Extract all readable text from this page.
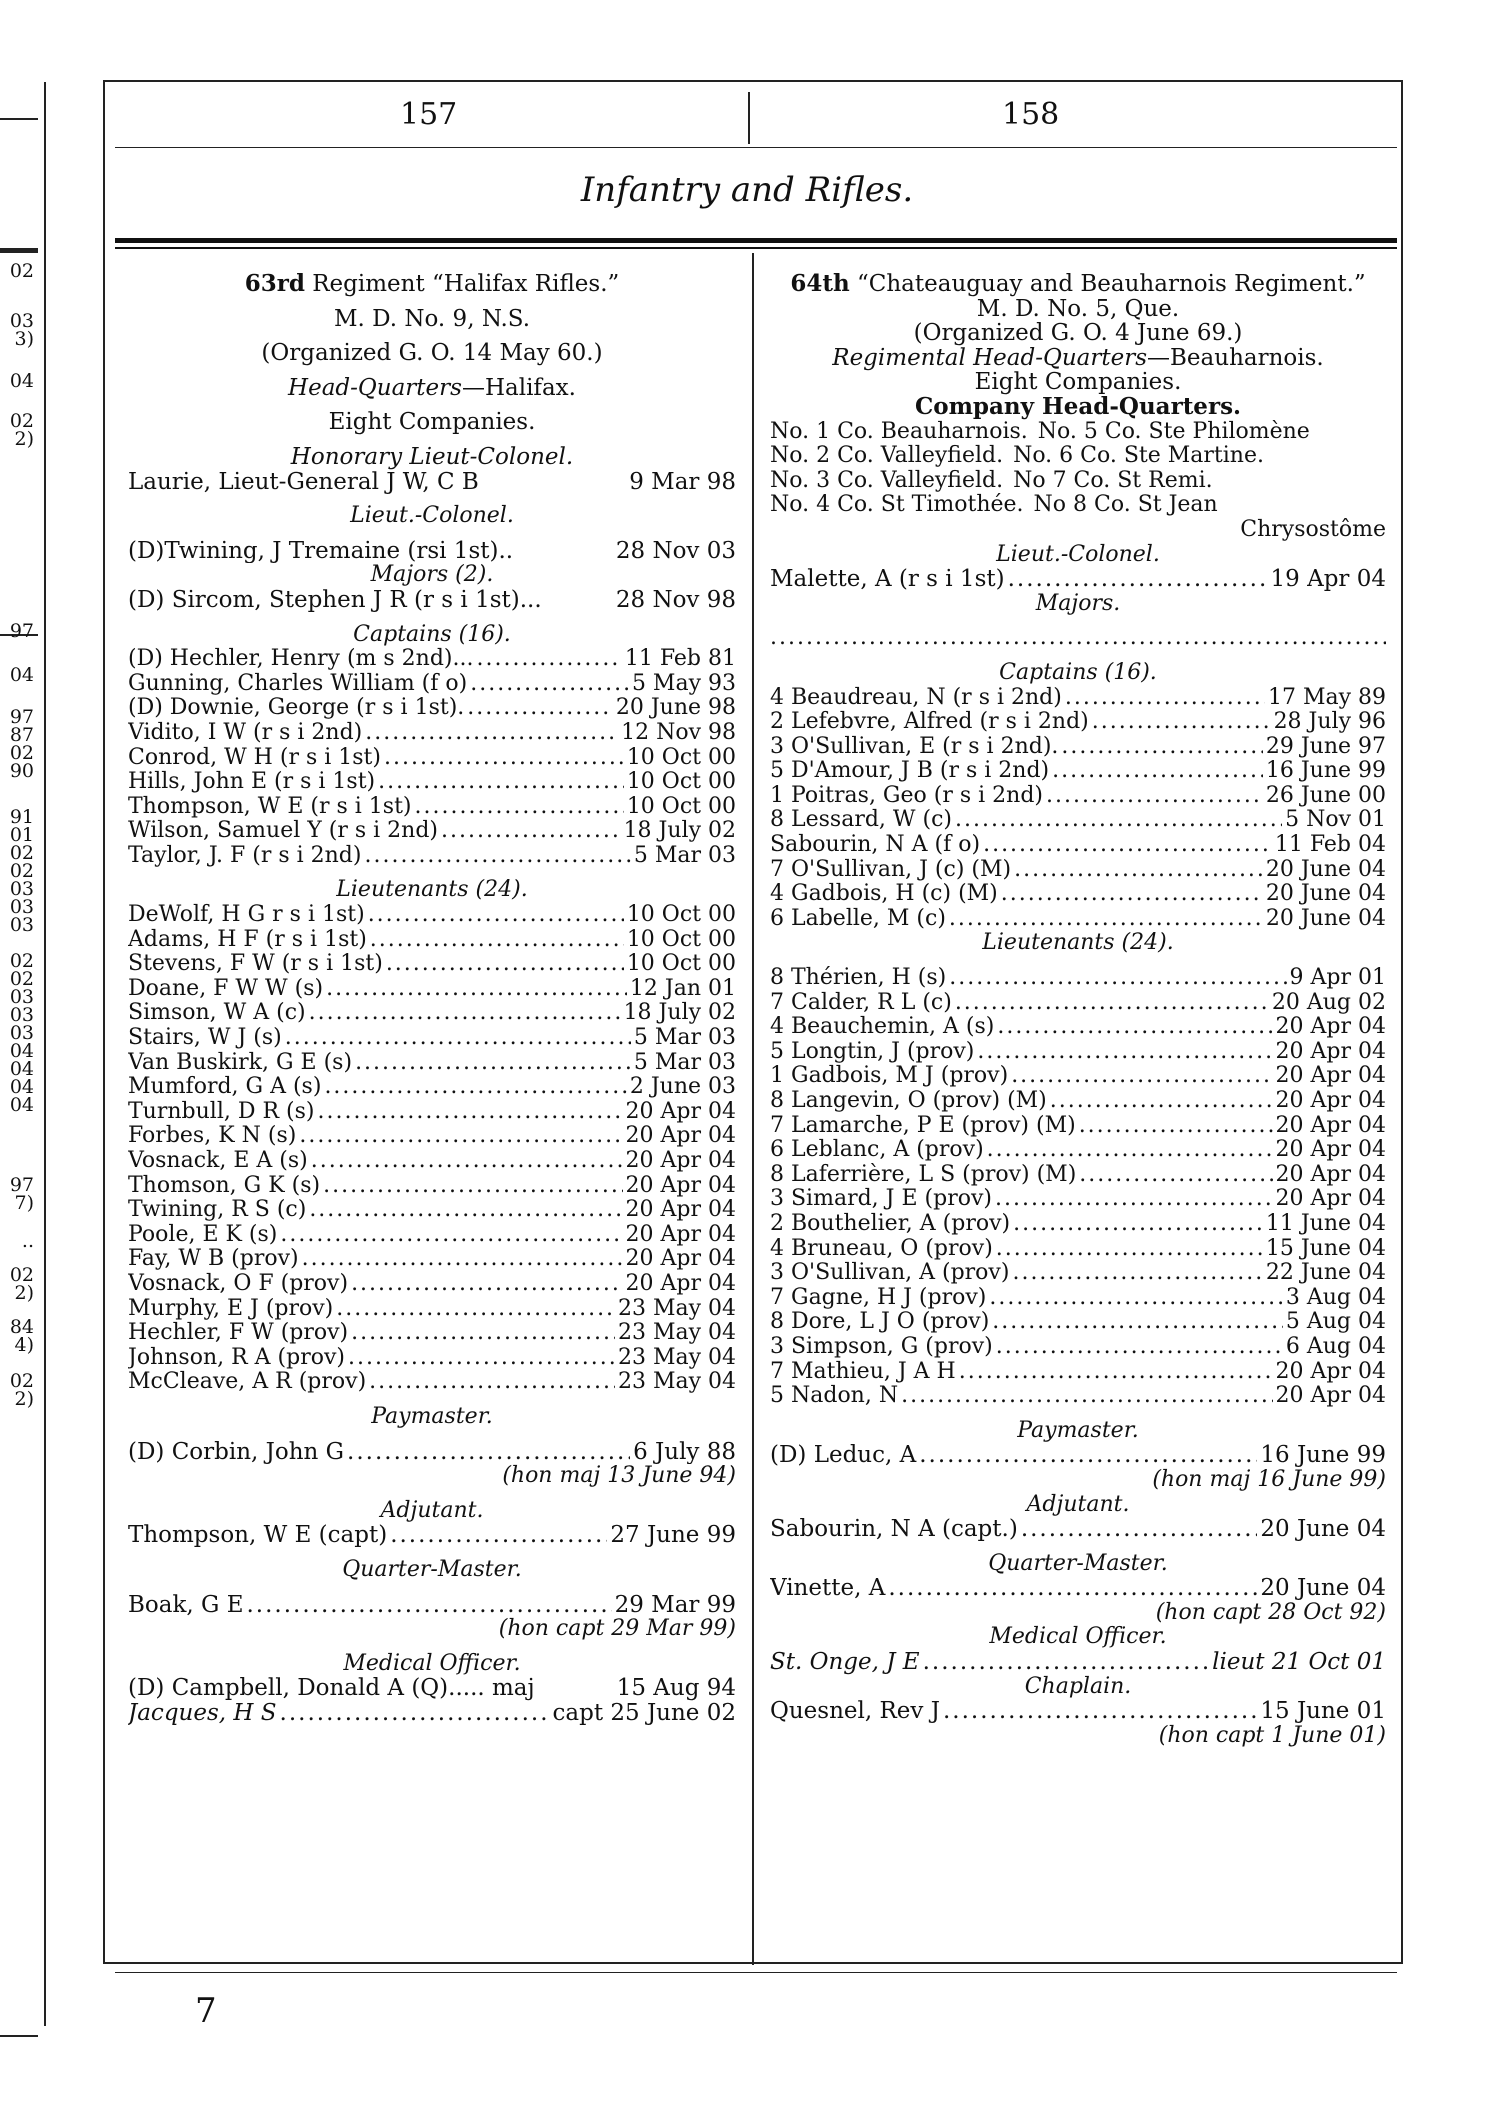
02
03
3)
04
02
2)
97
04
97
87
02
90
91
01
02
02
03
03
03
02
02
03
03
03
04
04
04
04
97
7)
..
02
2)
84
4)
02
2)
157	158
Infantry and Rifles.
7
63rd Regiment “Halifax Rifles.”
M. D. No. 9, N.S.
(Organized G. O. 14 May 60.)
Head-Quarters—Halifax.
Eight Companies.
Honorary Lieut-Colonel.
Laurie, Lieut-General J W, C B	9 Mar 98
Lieut.-Colonel.
(D)Twining, J Tremaine (rsi 1st)..	28 Nov 03
Majors (2).
(D) Sircom, Stephen J R (r s i 1st)...	28 Nov 98
Captains (16).
(D) Hechler, Henry (m s 2nd)... .....	11 Feb 81
Gunning, Charles William (f o) .....	5 May 93
(D) Downie, George (r s i 1st). .....	20 June 98
Vidito, I W (r s i 2nd) .....	12 Nov 98
Conrod, W H (r s i 1st) .....	10 Oct 00
Hills, John E (r s i 1st) .....	10 Oct 00
Thompson, W E (r s i 1st) .....	10 Oct 00
Wilson, Samuel Y (r s i 2nd) .....	18 July 02
Taylor, J. F (r s i 2nd) .....	5 Mar 03
Lieutenants (24).
DeWolf, H G r s i 1st) .....	10 Oct 00
Adams, H F (r s i 1st) .....	10 Oct 00
Stevens, F W (r s i 1st) .....	10 Oct 00
Doane, F W W (s) .....	12 Jan 01
Simson, W A (c) .....	18 July 02
Stairs, W J (s) .....	5 Mar 03
Van Buskirk, G E (s) .....	5 Mar 03
Mumford, G A (s) .....	2 June 03
Turnbull, D R (s) .....	20 Apr 04
Forbes, K N (s) .....	20 Apr 04
Vosnack, E A (s) .....	20 Apr 04
Thomson, G K (s) .....	20 Apr 04
Twining, R S (c) .....	20 Apr 04
Poole, E K (s) .....	20 Apr 04
Fay, W B (prov) .....	20 Apr 04
Vosnack, O F (prov) .....	20 Apr 04
Murphy, E J (prov) .....	23 May 04
Hechler, F W (prov) .....	23 May 04
Johnson, R A (prov) .....	23 May 04
McCleave, A R (prov) .....	23 May 04
Paymaster.
(D) Corbin, John G .....	6 July 88
(hon maj 13 June 94)
Adjutant.
Thompson, W E (capt) .....	27 June 99
Quarter-Master.
Boak, G E .....	29 Mar 99
(hon capt 29 Mar 99)
Medical Officer.
(D) Campbell, Donald A (Q)..... maj	15 Aug 94
Jacques, H S .....	capt 25 June 02
64th “Chateauguay and Beauharnois Regiment.”
M. D. No. 5, Que.
(Organized G. O. 4 June 69.)
Regimental Head-Quarters—Beauharnois.
Eight Companies.
Company Head-Quarters.
No. 1 Co. Beauharnois. No. 5 Co. Ste Philomène
No. 2 Co. Valleyfield. No. 6 Co. Ste Martine.
No. 3 Co. Valleyfield. No 7 Co. St Remi.
No. 4 Co. St Timothée. No 8 Co. St Jean
Chrysostôme
Lieut.-Colonel.
Malette, A (r s i 1st) .....	19 Apr 04
Majors.
.....
Captains (16).
4 Beaudreau, N (r s i 2nd) .....	17 May 89
2 Lefebvre, Alfred (r s i 2nd) .....	28 July 96
3 O'Sullivan, E (r s i 2nd). .....	29 June 97
5 D'Amour, J B (r s i 2nd) .....	16 June 99
1 Poitras, Geo (r s i 2nd) .....	26 June 00
8 Lessard, W (c) .....	5 Nov 01
Sabourin, N A (f o) .....	11 Feb 04
7 O'Sullivan, J (c) (M) .....	20 June 04
4 Gadbois, H (c) (M) .....	20 June 04
6 Labelle, M (c) .....	20 June 04
Lieutenants (24).
8 Thérien, H (s) .....	9 Apr 01
7 Calder, R L (c) .....	20 Aug 02
4 Beauchemin, A (s) .....	20 Apr 04
5 Longtin, J (prov) .....	20 Apr 04
1 Gadbois, M J (prov) .....	20 Apr 04
8 Langevin, O (prov) (M) .....	20 Apr 04
7 Lamarche, P E (prov) (M) .....	20 Apr 04
6 Leblanc, A (prov) .....	20 Apr 04
8 Laferrière, L S (prov) (M) .....	20 Apr 04
3 Simard, J E (prov) .....	20 Apr 04
2 Bouthelier, A (prov) .....	11 June 04
4 Bruneau, O (prov) .....	15 June 04
3 O'Sullivan, A (prov) .....	22 June 04
7 Gagne, H J (prov) .....	3 Aug 04
8 Dore, L J O (prov) .....	5 Aug 04
3 Simpson, G (prov) .....	6 Aug 04
7 Mathieu, J A H .....	20 Apr 04
5 Nadon, N .....	20 Apr 04
Paymaster.
(D) Leduc, A .....	16 June 99
(hon maj 16 June 99)
Adjutant.
Sabourin, N A (capt.) .....	20 June 04
Quarter-Master.
Vinette, A .....	20 June 04
(hon capt 28 Oct 92)
Medical Officer.
St. Onge, J E .....	lieut 21 Oct 01
Chaplain.
Quesnel, Rev J .....	15 June 01
(hon capt 1 June 01)
